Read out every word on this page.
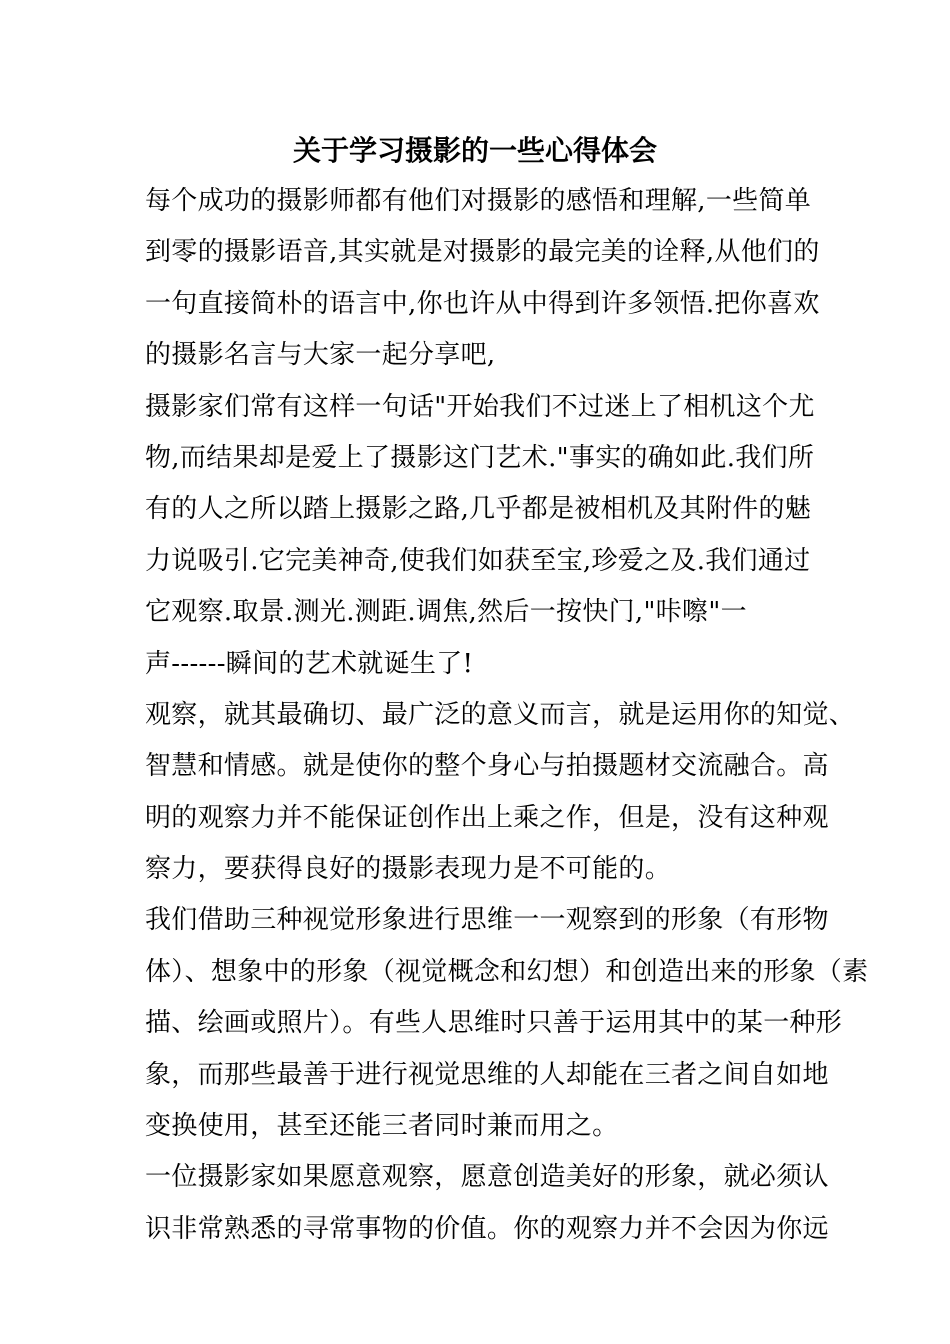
关于学习摄影的一些心得体会
每个成功的摄影师都有他们对摄影的感悟和理解,一些简单
到零的摄影语音,其实就是对摄影的最完美的诠释,从他们的
一句直接简朴的语言中,你也许从中得到许多领悟.把你喜欢
的摄影名言与大家一起分享吧,
摄影家们常有这样一句话"开始我们不过迷上了相机这个尤
物,而结果却是爱上了摄影这门艺术."事实的确如此.我们所
有的人之所以踏上摄影之路,几乎都是被相机及其附件的魅
力说吸引.它完美神奇,使我们如获至宝,珍爱之及.我们通过
它观察.取景.测光.测距.调焦,然后一按快门,"咔嚓"一
声------瞬间的艺术就诞生了!
观察，就其最确切、最广泛的意义而言，就是运用你的知觉、
智慧和情感。就是使你的整个身心与拍摄题材交流融合。高
明的观察力并不能保证创作出上乘之作，但是，没有这种观
察力，要获得良好的摄影表现力是不可能的。
我们借助三种视觉形象进行思维一一观察到的形象（有形物
体）、想象中的形象（视觉概念和幻想）和创造出来的形象（素
描、绘画或照片）。有些人思维时只善于运用其中的某一种形
象，而那些最善于进行视觉思维的人却能在三者之间自如地
变换使用，甚至还能三者同时兼而用之。
一位摄影家如果愿意观察，愿意创造美好的形象，就必须认
识非常熟悉的寻常事物的价值。你的观察力并不会因为你远
